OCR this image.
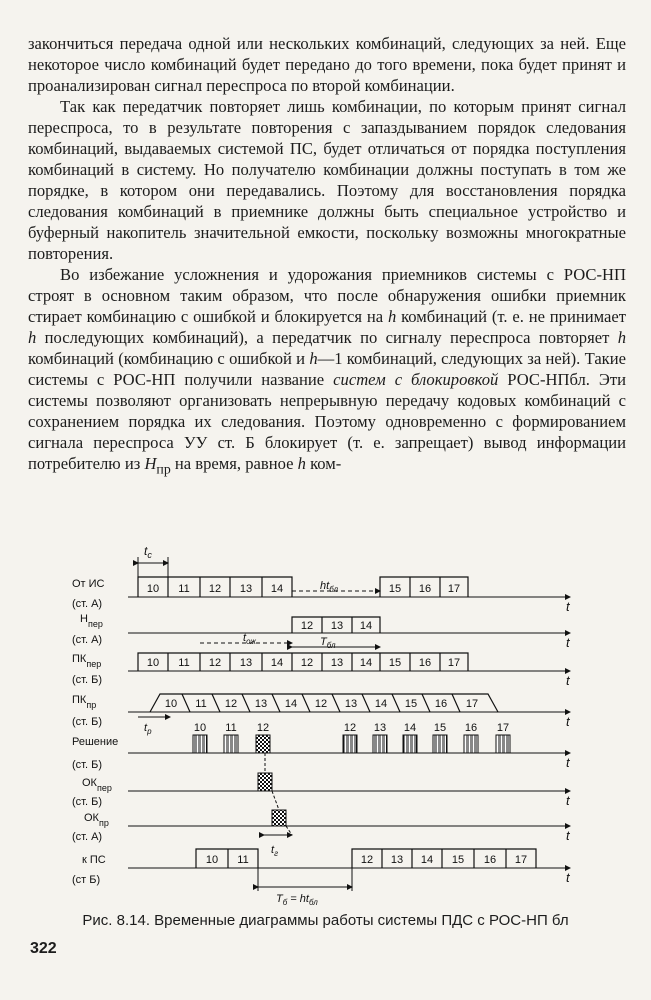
закончиться передача одной или нескольких комбинаций, следующих за ней. Еще некоторое число комбинаций будет передано до того времени, пока будет принят и проанализирован сигнал переспроса по второй комбинации.

Так как передатчик повторяет лишь комбинации, по которым принят сигнал переспроса, то в результате повторения с запаздыванием порядок следования комбинаций, выдаваемых системой ПС, будет отличаться от порядка поступления комбинаций в систему. Но получателю комбинации должны поступать в том же порядке, в котором они передавались. Поэтому для восстановления порядка следования комбинаций в приемнике должны быть специальное устройство и буферный накопитель значительной емкости, поскольку возможны многократные повторения.

Во избежание усложнения и удорожания приемников системы с РОС-НП строят в основном таким образом, что после обнаружения ошибки приемник стирает комбинацию с ошибкой и блокируется на h комбинаций (т. е. не принимает h последующих комбинаций), а передатчик по сигналу переспроса повторяет h комбинаций (комбинацию с ошибкой и h—1 комбинаций, следующих за ней). Такие системы с РОС-НП получили название систем с блокировкой РОС-НПбл. Эти системы позволяют организовать непрерывную передачу кодовых комбинаций с сохранением порядка их следования. Поэтому одновременно с формированием сигнала переспроса УУ ст. Б блокирует (т. е. запрещает) вывод информации потребителю из $H_{пр}$ на время, равное h ком-

От ИС
(ст. А)
$Н_{пер}$
(ст. А)
$ПК_{пер}$
(ст. Б)
$ПК_{пр}$
(ст. Б)
Решение
(ст. Б)
$ОК_{пер}$
(ст. Б)
$ОК_{пр}$
(ст. А)
к ПС
(ст Б)
t
t
t
t
t
t
t
t
10 11 12 13 14	15 16 17
$t_c$
$ht_{бл}$
12 13 14
$t_{ож}$	$T_{бл}$
10 11 12 13 14 12 13 14 15 16 17
10 11 12 13 14 12 13 14 15 16 17
$t_р$	10 11 12	12 13 14 15 16 17
$t_г$
10 11	12 13 14 15 16 17
$T_б = ht_{бл}$
Рис. 8.14. Временные диаграммы работы системы ПДС с РОС-НП бл
322
